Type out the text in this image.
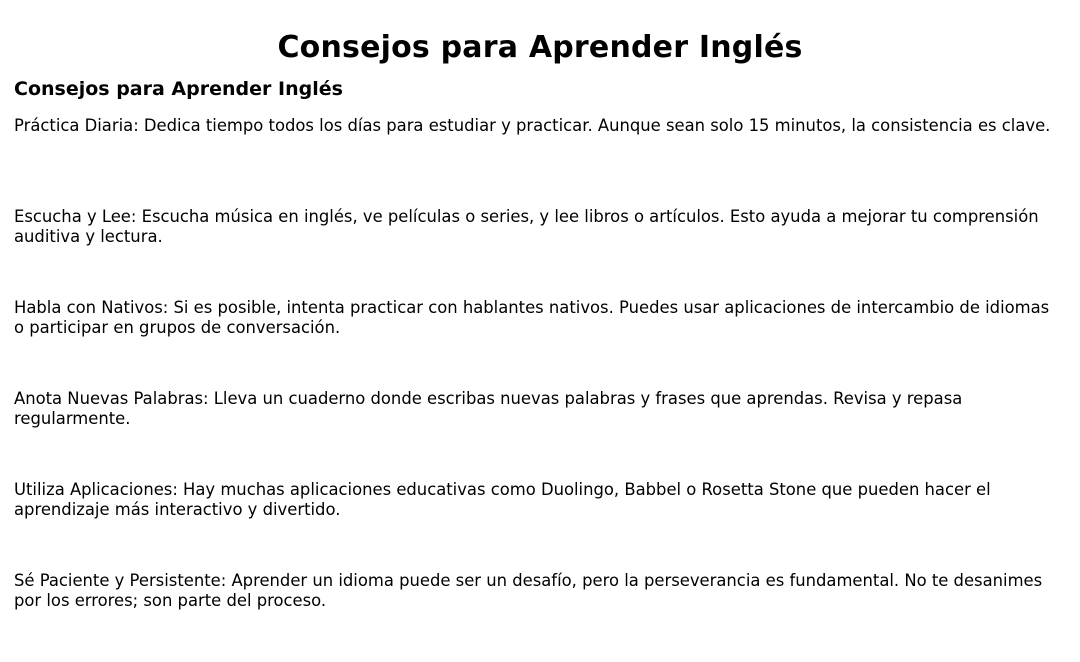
Consejos para Aprender Inglés
Consejos para Aprender Inglés
Práctica Diaria: Dedica tiempo todos los días para estudiar y practicar. Aunque sean solo 15 minutos, la consistencia es clave.
Escucha y Lee: Escucha música en inglés, ve películas o series, y lee libros o artículos. Esto ayuda a mejorar tu comprensión auditiva y lectura.
Habla con Nativos: Si es posible, intenta practicar con hablantes nativos. Puedes usar aplicaciones de intercambio de idiomas o participar en grupos de conversación.
Anota Nuevas Palabras: Lleva un cuaderno donde escribas nuevas palabras y frases que aprendas. Revisa y repasa regularmente.
Utiliza Aplicaciones: Hay muchas aplicaciones educativas como Duolingo, Babbel o Rosetta Stone que pueden hacer el aprendizaje más interactivo y divertido.
Sé Paciente y Persistente: Aprender un idioma puede ser un desafío, pero la perseverancia es fundamental. No te desanimes por los errores; son parte del proceso.
